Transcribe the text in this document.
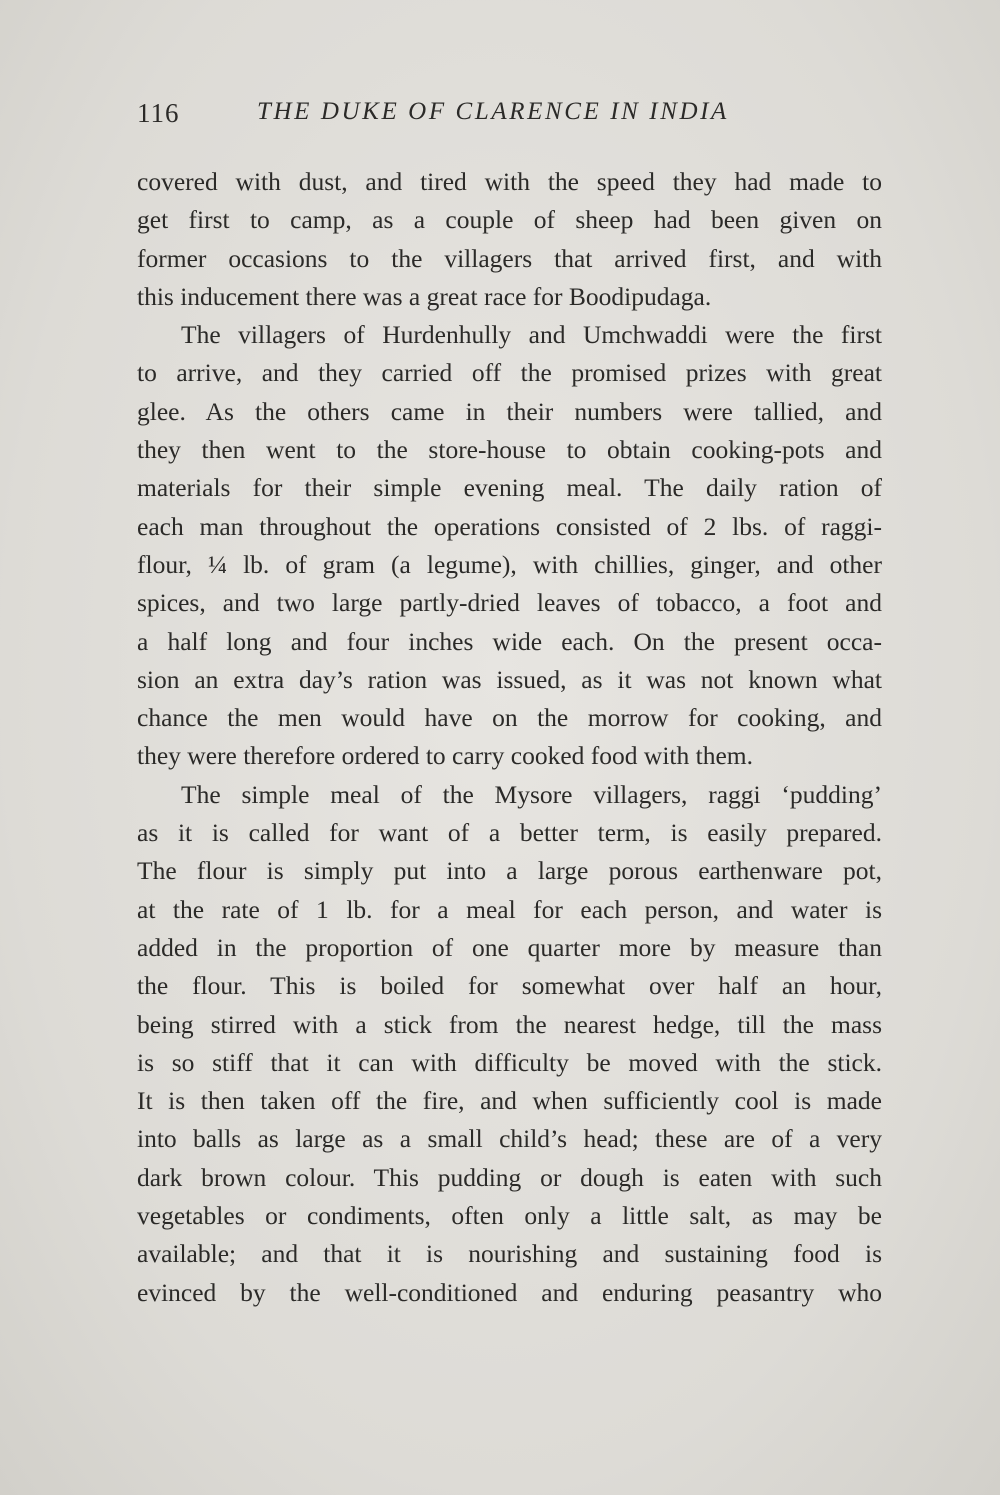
116	THE DUKE OF CLARENCE IN INDIA
covered with dust, and tired with the speed they had made to
get first to camp, as a couple of sheep had been given on
former occasions to the villagers that arrived first, and with
this inducement there was a great race for Boodipudaga.
The villagers of Hurdenhully and Umchwaddi were the first
to arrive, and they carried off the promised prizes with great
glee. As the others came in their numbers were tallied, and
they then went to the store-house to obtain cooking-pots and
materials for their simple evening meal. The daily ration of
each man throughout the operations consisted of 2 lbs. of raggi-
flour, ¼ lb. of gram (a legume), with chillies, ginger, and other
spices, and two large partly-dried leaves of tobacco, a foot and
a half long and four inches wide each. On the present occa-
sion an extra day’s ration was issued, as it was not known what
chance the men would have on the morrow for cooking, and
they were therefore ordered to carry cooked food with them.
The simple meal of the Mysore villagers, raggi ‘pudding’
as it is called for want of a better term, is easily prepared.
The flour is simply put into a large porous earthenware pot,
at the rate of 1 lb. for a meal for each person, and water is
added in the proportion of one quarter more by measure than
the flour. This is boiled for somewhat over half an hour,
being stirred with a stick from the nearest hedge, till the mass
is so stiff that it can with difficulty be moved with the stick.
It is then taken off the fire, and when sufficiently cool is made
into balls as large as a small child’s head; these are of a very
dark brown colour. This pudding or dough is eaten with such
vegetables or condiments, often only a little salt, as may be
available; and that it is nourishing and sustaining food is
evinced by the well-conditioned and enduring peasantry who
